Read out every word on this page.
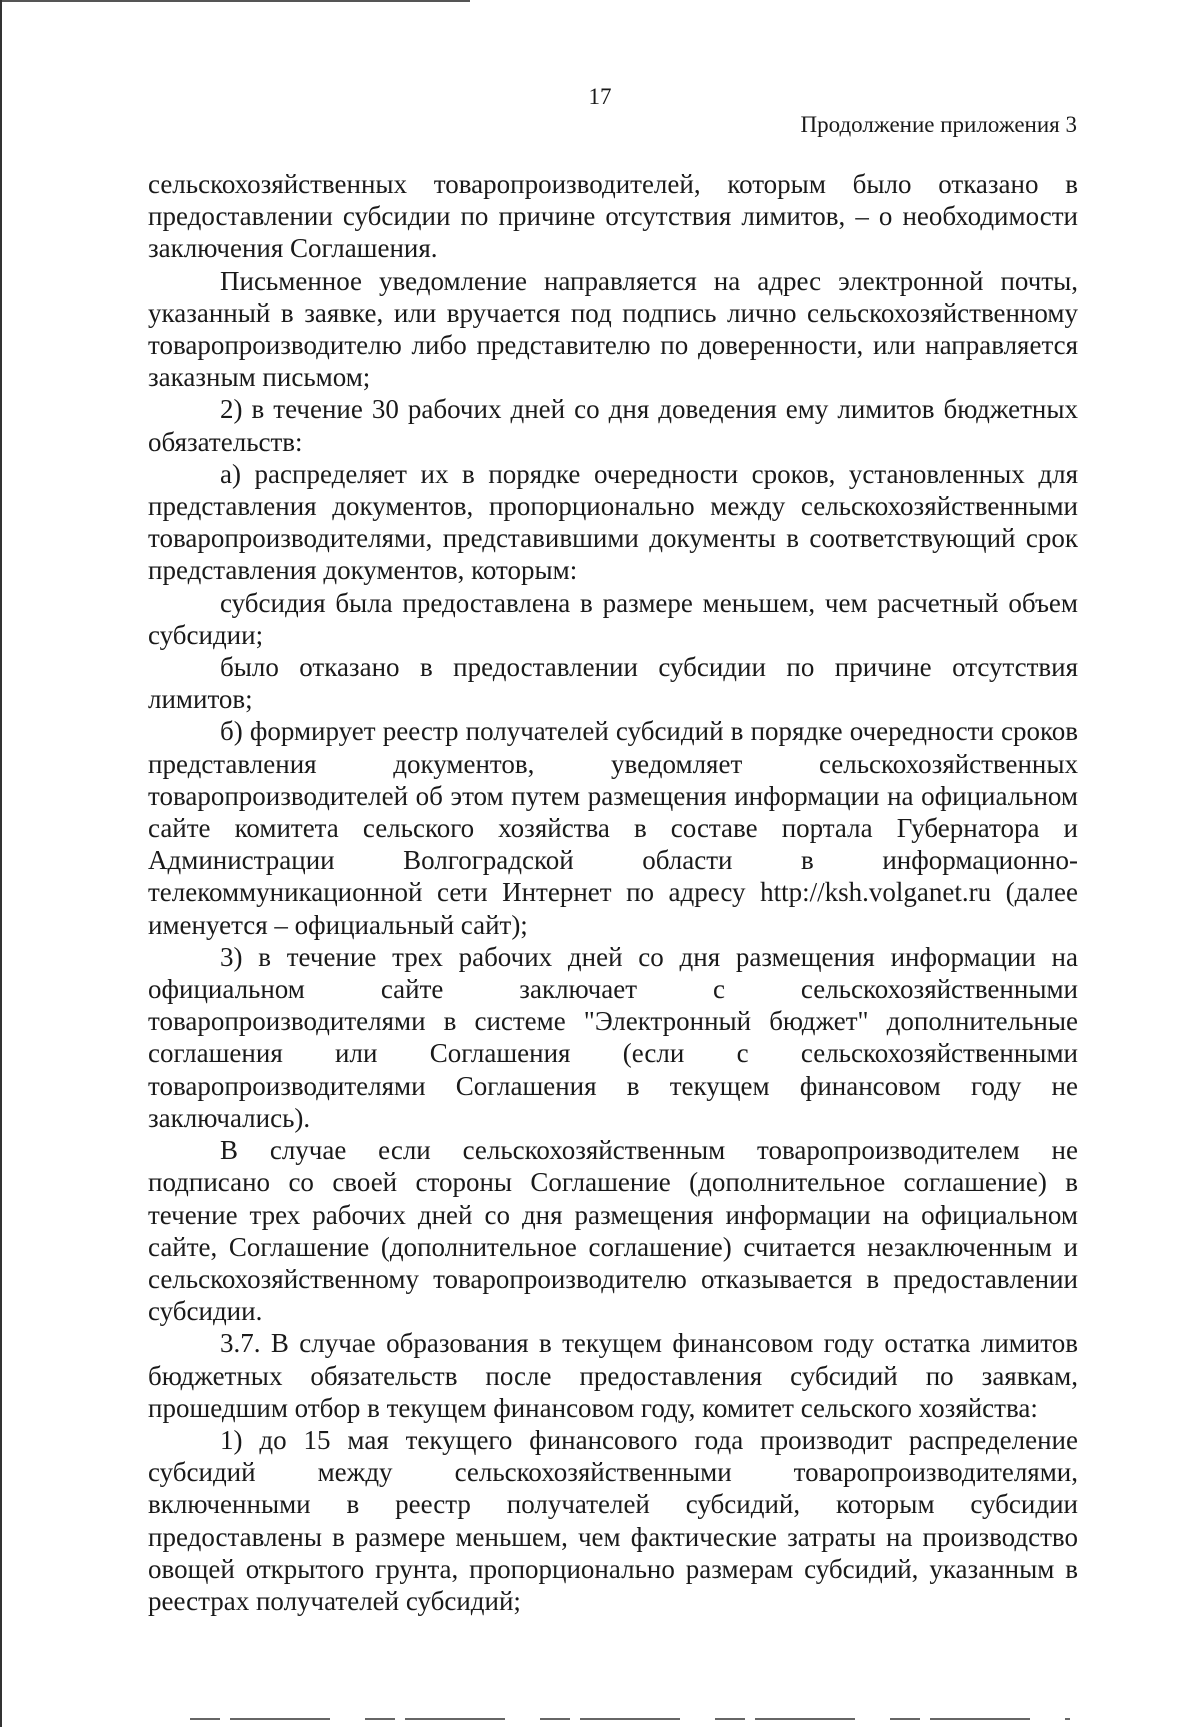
17
Продолжение приложения 3

сельскохозяйственных товаропроизводителей, которым было отказано в предоставлении субсидии по причине отсутствия лимитов, – о необходимости заключения Соглашения.

Письменное уведомление направляется на адрес электронной почты, указанный в заявке, или вручается под подпись лично сельскохозяйственному товаропроизводителю либо представителю по доверенности, или направляется заказным письмом;

2) в течение 30 рабочих дней со дня доведения ему лимитов бюджетных обязательств:

а) распределяет их в порядке очередности сроков, установленных для представления документов, пропорционально между сельскохозяйственными товаропроизводителями, представившими документы в соответствующий срок представления документов, которым:

субсидия была предоставлена в размере меньшем, чем расчетный объем субсидии;

было отказано в предоставлении субсидии по причине отсутствия лимитов;

б) формирует реестр получателей субсидий в порядке очередности сроков представления документов, уведомляет сельскохозяйственных товаропроизводителей об этом путем размещения информации на официальном сайте комитета сельского хозяйства в составе портала Губернатора и Администрации Волгоградской области в информационно-телекоммуникационной сети Интернет по адресу http://ksh.volganet.ru (далее именуется – официальный сайт);

3) в течение трех рабочих дней со дня размещения информации на официальном сайте заключает с сельскохозяйственными товаропроизводителями в системе "Электронный бюджет" дополнительные соглашения или Соглашения (если с сельскохозяйственными товаропроизводителями Соглашения в текущем финансовом году не заключались).

В случае если сельскохозяйственным товаропроизводителем не подписано со своей стороны Соглашение (дополнительное соглашение) в течение трех рабочих дней со дня размещения информации на официальном сайте, Соглашение (дополнительное соглашение) считается незаключенным и сельскохозяйственному товаропроизводителю отказывается в предоставлении субсидии.

3.7. В случае образования в текущем финансовом году остатка лимитов бюджетных обязательств после предоставления субсидий по заявкам, прошедшим отбор в текущем финансовом году, комитет сельского хозяйства:

1) до 15 мая текущего финансового года производит распределение субсидий между сельскохозяйственными товаропроизводителями, включенными в реестр получателей субсидий, которым субсидии предоставлены в размере меньшем, чем фактические затраты на производство овощей открытого грунта, пропорционально размерам субсидий, указанным в реестрах получателей субсидий;
